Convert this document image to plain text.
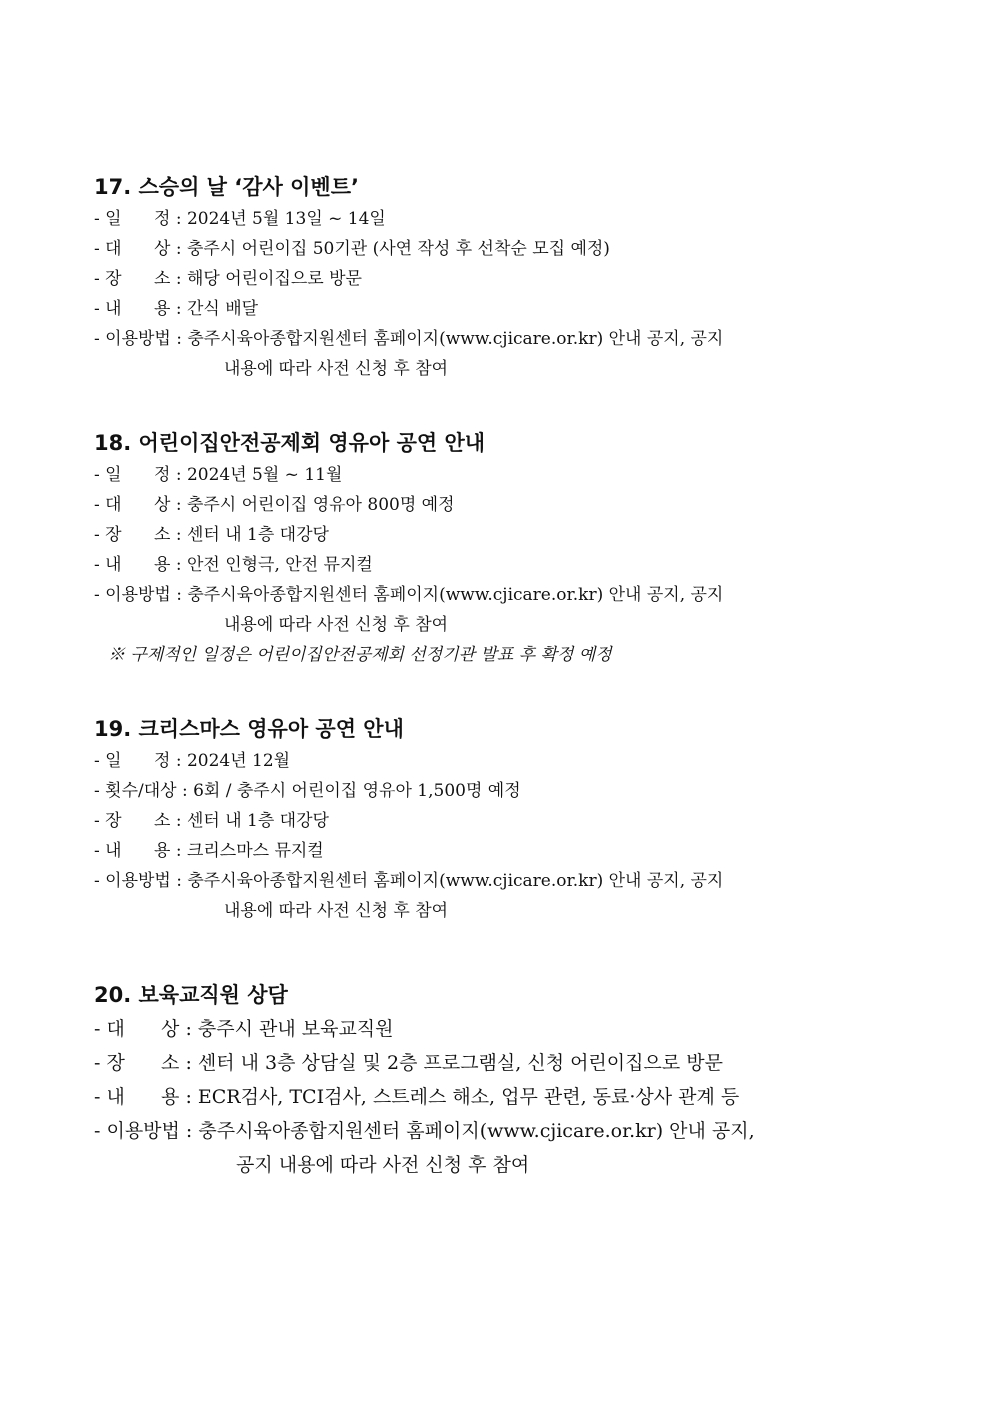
17. 스승의 날 ‘감사 이벤트’
- 일      정 : 2024년 5월 13일 ~ 14일
- 대      상 : 충주시 어린이집 50기관 (사연 작성 후 선착순 모집 예정)
- 장      소 : 해당 어린이집으로 방문
- 내      용 : 간식 배달
- 이용방법 : 충주시육아종합지원센터 홈페이지(www.cjicare.or.kr) 안내 공지, 공지
내용에 따라 사전 신청 후 참여
18. 어린이집안전공제회 영유아 공연 안내
- 일      정 : 2024년 5월 ~ 11월
- 대      상 : 충주시 어린이집 영유아 800명 예정
- 장      소 : 센터 내 1층 대강당
- 내      용 : 안전 인형극, 안전 뮤지컬
- 이용방법 : 충주시육아종합지원센터 홈페이지(www.cjicare.or.kr) 안내 공지, 공지
내용에 따라 사전 신청 후 참여
※ 구제적인 일정은 어린이집안전공제회 선정기관 발표 후 확정 예정
19. 크리스마스 영유아 공연 안내
- 일      정 : 2024년 12월
- 횟수/대상 : 6회 / 충주시 어린이집 영유아 1,500명 예정
- 장      소 : 센터 내 1층 대강당
- 내      용 : 크리스마스 뮤지컬
- 이용방법 : 충주시육아종합지원센터 홈페이지(www.cjicare.or.kr) 안내 공지, 공지
내용에 따라 사전 신청 후 참여
20. 보육교직원 상담
- 대      상 : 충주시 관내 보육교직원
- 장      소 : 센터 내 3층 상담실 및 2층 프로그램실, 신청 어린이집으로 방문
- 내      용 : ECR검사, TCI검사, 스트레스 해소, 업무 관련, 동료·상사 관계 등
- 이용방법 : 충주시육아종합지원센터 홈페이지(www.cjicare.or.kr) 안내 공지,
공지 내용에 따라 사전 신청 후 참여
